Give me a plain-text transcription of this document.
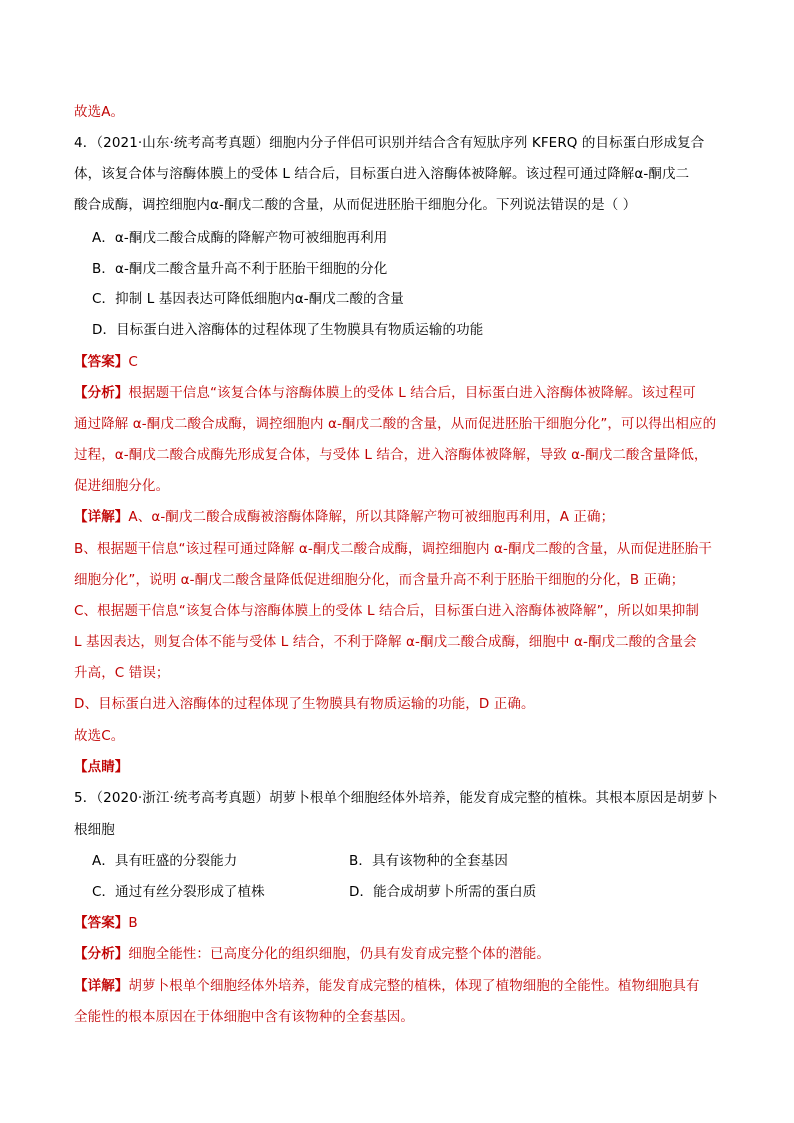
故选A。
4．（2021·山东·统考高考真题）细胞内分子伴侣可识别并结合含有短肽序列 KFERQ 的目标蛋白形成复合
体，该复合体与溶酶体膜上的受体 L 结合后，目标蛋白进入溶酶体被降解。该过程可通过降解α-酮戊二
酸合成酶，调控细胞内α-酮戊二酸的含量，从而促进胚胎干细胞分化。下列说法错误的是（ ）
A．α-酮戊二酸合成酶的降解产物可被细胞再利用
B．α-酮戊二酸含量升高不利于胚胎干细胞的分化
C．抑制 L 基因表达可降低细胞内α-酮戊二酸的含量
D．目标蛋白进入溶酶体的过程体现了生物膜具有物质运输的功能
【答案】C
【分析】根据题干信息“该复合体与溶酶体膜上的受体 L 结合后，目标蛋白进入溶酶体被降解。该过程可
通过降解 α-酮戊二酸合成酶，调控细胞内 α-酮戊二酸的含量，从而促进胚胎干细胞分化”，可以得出相应的
过程，α-酮戊二酸合成酶先形成复合体，与受体 L 结合，进入溶酶体被降解，导致 α-酮戊二酸含量降低，
促进细胞分化。
【详解】A、α-酮戊二酸合成酶被溶酶体降解，所以其降解产物可被细胞再利用，A 正确；
B、根据题干信息“该过程可通过降解 α-酮戊二酸合成酶，调控细胞内 α-酮戊二酸的含量，从而促进胚胎干
细胞分化”，说明 α-酮戊二酸含量降低促进细胞分化，而含量升高不利于胚胎干细胞的分化，B 正确；
C、根据题干信息“该复合体与溶酶体膜上的受体 L 结合后，目标蛋白进入溶酶体被降解”，所以如果抑制
L 基因表达，则复合体不能与受体 L 结合，不利于降解 α-酮戊二酸合成酶，细胞中 α-酮戊二酸的含量会
升高，C 错误；
D、目标蛋白进入溶酶体的过程体现了生物膜具有物质运输的功能，D 正确。
故选C。
【点睛】
5．（2020·浙江·统考高考真题）胡萝卜根单个细胞经体外培养，能发育成完整的植株。其根本原因是胡萝卜
根细胞
A．具有旺盛的分裂能力	B．具有该物种的全套基因
C．通过有丝分裂形成了植株	D．能合成胡萝卜所需的蛋白质
【答案】B
【分析】细胞全能性：已高度分化的组织细胞，仍具有发育成完整个体的潜能。
【详解】胡萝卜根单个细胞经体外培养，能发育成完整的植株，体现了植物细胞的全能性。植物细胞具有
全能性的根本原因在于体细胞中含有该物种的全套基因。
